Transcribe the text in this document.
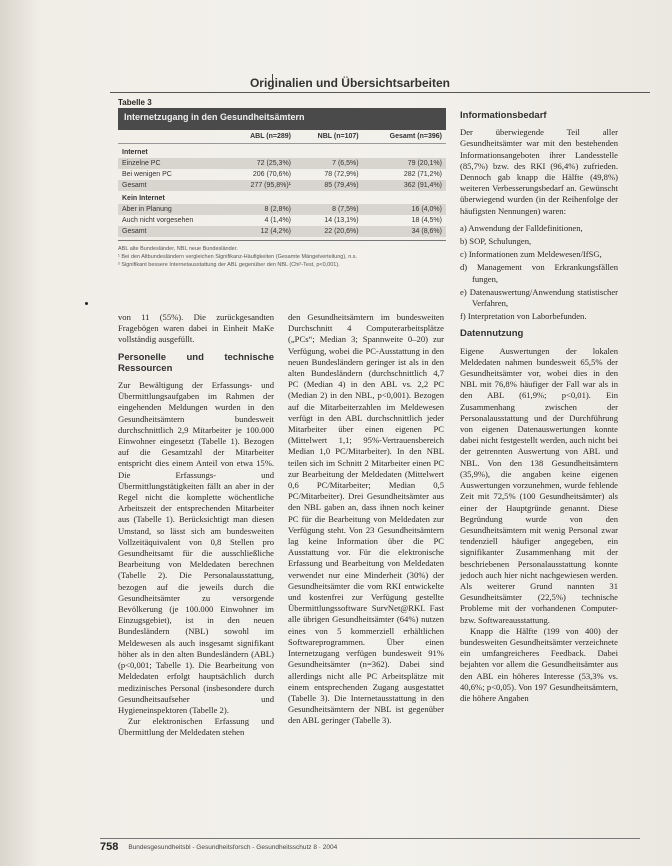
Originalien und Übersichtsarbeiten
Tabelle 3
Internetzugang in den Gesundheitsämtern
	ABL (n=289)	NBL (n=107)	Gesamt (n=396)
Internet			
Einzelne PC	72 (25,3%)	7 (6,5%)	79 (20,1%)
Bei wenigen PC	206 (70,6%)	78 (72,9%)	282 (71,2%)
Gesamt	277 (95,8%)¹	85 (79,4%)	362 (91,4%)
Kein Internet			
Aber in Planung	8 (2,8%)	8 (7,5%)	16 (4,0%)
Auch nicht vorgesehen	4 (1,4%)	14 (13,1%)	18 (4,5%)
Gesamt	12 (4,2%)	22 (20,6%)	34 (8,6%)
ABL alte Bundesländer, NBL neue Bundesländer.
¹ Bei den Altbundesländern vergleichen Signifikanz-Häufigkeiten (Gesamte Mängelverteilung), n.s.
² Signifikant bessere Internetausstattung der ABL gegenüber den NBL (Chi²-Test, p<0,001).

von 11 (55%). Die zurückgesandten Fragebögen waren dabei in Einheit MaKe vollständig ausgefüllt.

Personelle und technische Ressourcen

Zur Bewältigung der Erfassungs- und Übermittlungsaufgaben im Rahmen der eingehenden Meldungen wurden in den Gesundheitsämtern bundesweit durchschnittlich 2,9 Mitarbeiter je 100.000 Einwohner eingesetzt (Tabelle 1). Bezogen auf die Gesamtzahl der Mitarbeiter entspricht dies einem Anteil von etwa 15%. Die Erfassungs- und Übermittlungstätigkeiten fällt an aber in der Regel nicht die komplette wöchentliche Arbeitszeit der entsprechenden Mitarbeiter aus (Tabelle 1). Berücksichtigt man diesen Umstand, so lässt sich am bundesweiten Vollzeitäquivalent von 0,8 Stellen pro Gesundheitsamt für die ausschließliche Bearbeitung von Meldedaten berechnen (Tabelle 2). Die Personalausstattung, bezogen auf die jeweils durch die Gesundheitsämter zu versorgende Bevölkerung (je 100.000 Einwohner im Einzugsgebiet), ist in den neuen Bundesländern (NBL) sowohl im Meldewesen als auch insgesamt signifikant höher als in den alten Bundesländern (ABL) (p<0,001; Tabelle 1). Die Bearbeitung von Meldedaten erfolgt hauptsächlich durch medizinisches Personal (insbesondere durch Gesundheitsaufseher und Hygieneinspektoren (Tabelle 2).

Zur elektronischen Erfassung und Übermittlung der Meldedaten stehen

den Gesundheitsämtern im bundesweiten Durchschnitt 4 Computerarbeitsplätze („PCs“; Median 3; Spannweite 0–20) zur Verfügung, wobei die PC-Ausstattung in den neuen Bundesländern geringer ist als in den alten Bundesländern (durchschnittlich 4,7 PC (Median 4) in den ABL vs. 2,2 PC (Median 2) in den NBL, p<0,001). Bezogen auf die Mitarbeiterzahlen im Meldewesen verfügt in den ABL durchschnittlich jeder Mitarbeiter über einen eigenen PC (Mittelwert 1,1; 95%-Vertrauensbereich Median 1,0 PC/Mitarbeiter). In den NBL teilen sich im Schnitt 2 Mitarbeiter einen PC zur Bearbeitung der Meldedaten (Mittelwert 0,6 PC/Mitarbeiter; Median 0,5 PC/Mitarbeiter). Drei Gesundheitsämter aus den NBL gaben an, dass ihnen noch keiner PC für die Bearbeitung von Meldedaten zur Verfügung steht. Von 23 Gesundheitsämtern lag keine Information über die PC Ausstattung vor. Für die elektronische Erfassung und Bearbeitung von Meldedaten verwendet nur eine Minderheit (30%) der Gesundheitsämter die vom RKI entwickelte und kostenfrei zur Verfügung gestellte Übermittlungssoftware SurvNet@RKI. Fast alle übrigen Gesundheitsämter (64%) nutzen eines von 5 kommerziell erhältlichen Softwareprogrammen. Über einen Internetzugang verfügen bundesweit 91% Gesundheitsämter (n=362). Dabei sind allerdings nicht alle PC Arbeitsplätze mit einem entsprechenden Zugang ausgestattet (Tabelle 3). Die Internetausstattung in den Gesundheitsämtern der NBL ist gegenüber den ABL geringer (Tabelle 3).

Informationsbedarf

Der überwiegende Teil aller Gesundheitsämter war mit den bestehenden Informationsangeboten ihrer Landesstelle (85,7%) bzw. des RKI (96,4%) zufrieden. Dennoch gab knapp die Hälfte (49,8%) weiteren Verbesserungsbedarf an. Gewünscht überwiegend wurden (in der Reihenfolge der häufigsten Nennungen) waren:

a) Anwendung der Falldefinitionen,
b) SOP, Schulungen,
c) Informationen zum Meldewesen/IfSG,
d) Management von Erkrankungsfällen fungen,
e) Datenauswertung/Anwendung statistischer Verfahren,
f) Interpretation von Laborbefunden.
Datennutzung

Eigene Auswertungen der lokalen Meldedaten nahmen bundesweit 65,5% der Gesundheitsämter vor, wobei dies in den NBL mit 76,8% häufiger der Fall war als in den ABL (61,9%; p<0,01). Ein Zusammenhang zwischen der Personalausstattung und der Durchführung von eigenen Datenauswertungen konnte dabei nicht festgestellt werden, auch nicht bei der getrennten Auswertung von ABL und NBL. Von den 138 Gesundheitsämtern (35,9%), die angaben keine eigenen Auswertungen vorzunehmen, wurde fehlende Zeit mit 72,5% (100 Gesundheitsämter) als einer der Hauptgründe genannt. Diese Begründung wurde von den Gesundheitsämtern mit wenig Personal zwar tendenziell häufiger angegeben, ein signifikanter Zusammenhang mit der beschriebenen Personalausstattung konnte jedoch auch hier nicht nachgewiesen werden. Als weiterer Grund nannten 31 Gesundheitsämter (22,5%) technische Probleme mit der vorhandenen Computer- bzw. Softwareausstattung.

Knapp die Hälfte (199 von 400) der bundesweiten Gesundheitsämter verzeichnete ein umfangreicheres Feedback. Dabei bejahten vor allem die Gesundheitsämter aus den ABL ein höheres Interesse (53,3% vs. 40,6%; p<0,05). Von 197 Gesundheitsämtern, die höhere Angaben

758 Bundesgesundheitsbl - Gesundheitsforsch - Gesundheitsschutz 8 · 2004
